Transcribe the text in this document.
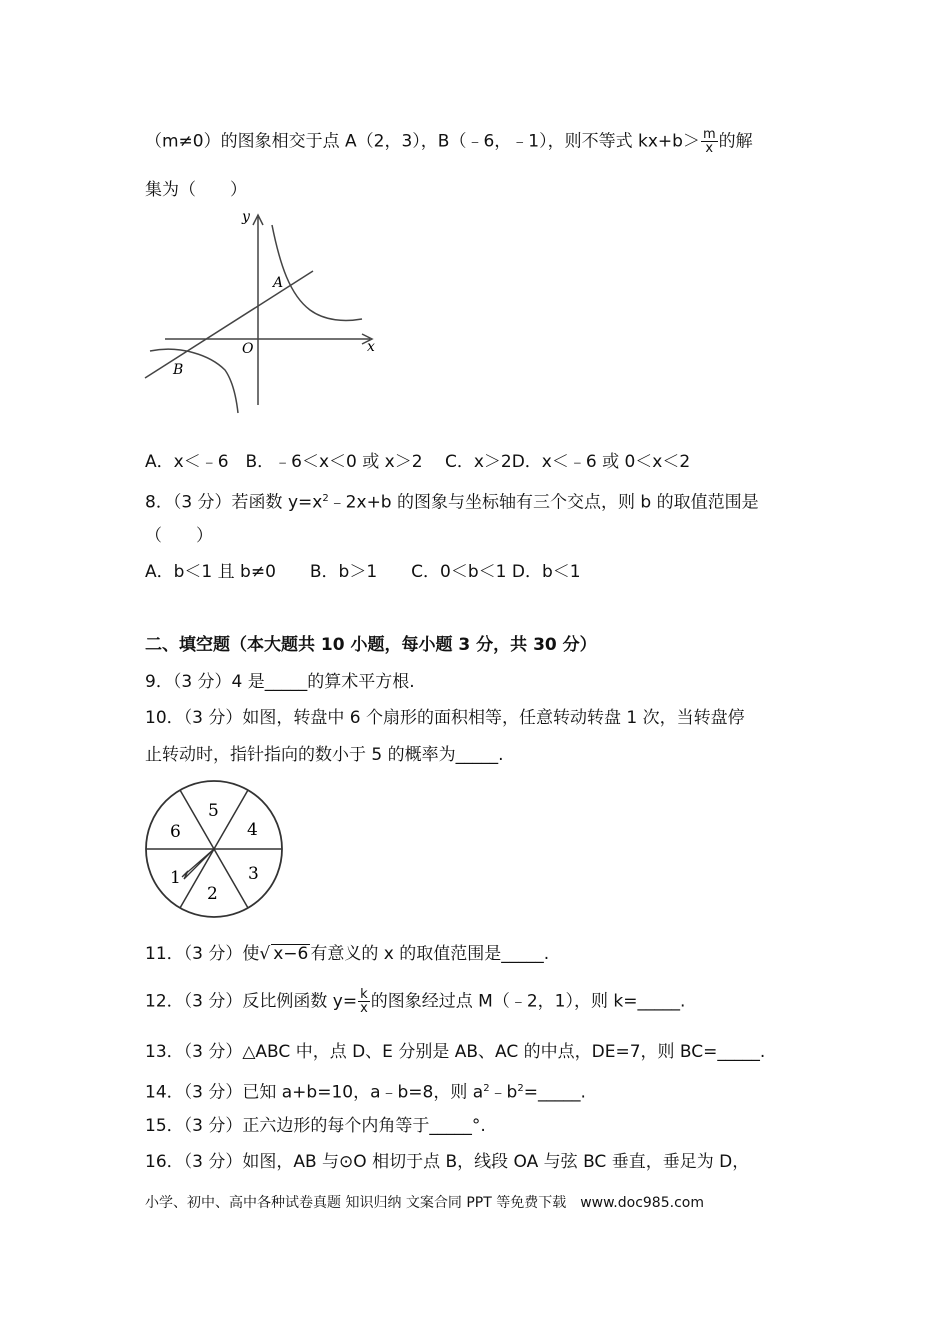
（m≠0）的图象相交于点 A（2，3），B（﹣6，﹣1），则不等式 $kx+b> \frac{m}{x}$ 的解
集为（　　）
y
x
O
A
B
A．x＜﹣6　B．﹣6＜x＜0 或 x＞2　 C．x＞2D．x＜﹣6 或 0＜x＜2
8．（3 分）若函数 $y=x^2﹣2x+b$ 的图象与坐标轴有三个交点，则 b 的取值范围是
（　　）
A．b＜1 且 b≠0　　B．b＞1　　C．0＜b＜1 D．b＜1
二、填空题（本大题共 10 小题，每小题 3 分，共 30 分）
9．（3 分）4 是_____的算术平方根.
10．（3 分）如图，转盘中 6 个扇形的面积相等，任意转动转盘 1 次，当转盘停
止转动时，指针指向的数小于 5 的概率为_____.
5
4
6
3
1
2
11．（3 分）使√ x−6 有意义的 x 的取值范围是_____.
12．（3 分）反比例函数 $y= \frac{k}{x}$ 的图象经过点 M（﹣2，1），则 k=_____.
13．（3 分）△ABC 中，点 D、E 分别是 AB、AC 的中点，DE=7，则 BC=_____.
14．（3 分）已知 a+b=10，a﹣b=8，则 $a^2﹣b^2=\_\_\_\_\_$.
15．（3 分）正六边形的每个内角等于_____°.
16．（3 分）如图，AB 与⊙O 相切于点 B，线段 OA 与弦 BC 垂直，垂足为 D，
小学、初中、高中各种试卷真题 知识归纳 文案合同 PPT 等免费下载　www.doc985.com
